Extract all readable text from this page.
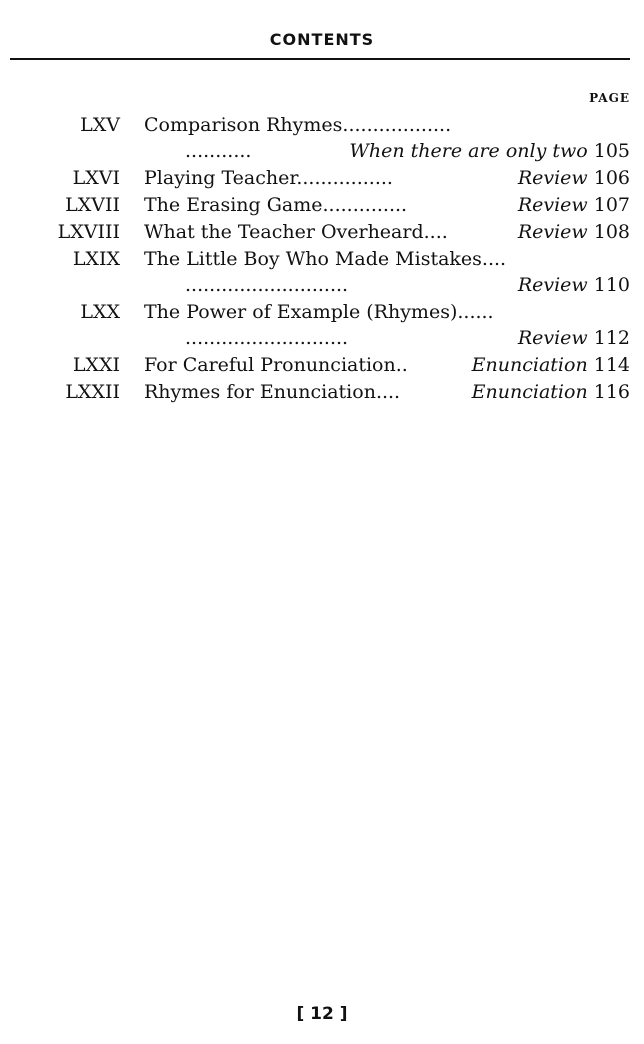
CONTENTS
PAGE
LXV Comparison Rhymes..................
...........	When there are only two 105
LXVI Playing Teacher................	Review 106
LXVII The Erasing Game..............	Review 107
LXVIII What the Teacher Overheard....	Review 108
LXIX The Little Boy Who Made Mistakes....
...........................	Review 110
LXX The Power of Example (Rhymes)......
...........................	Review 112
LXXI For Careful Pronunciation..	Enunciation 114
LXXII Rhymes for Enunciation....	Enunciation 116
[ 12 ]
